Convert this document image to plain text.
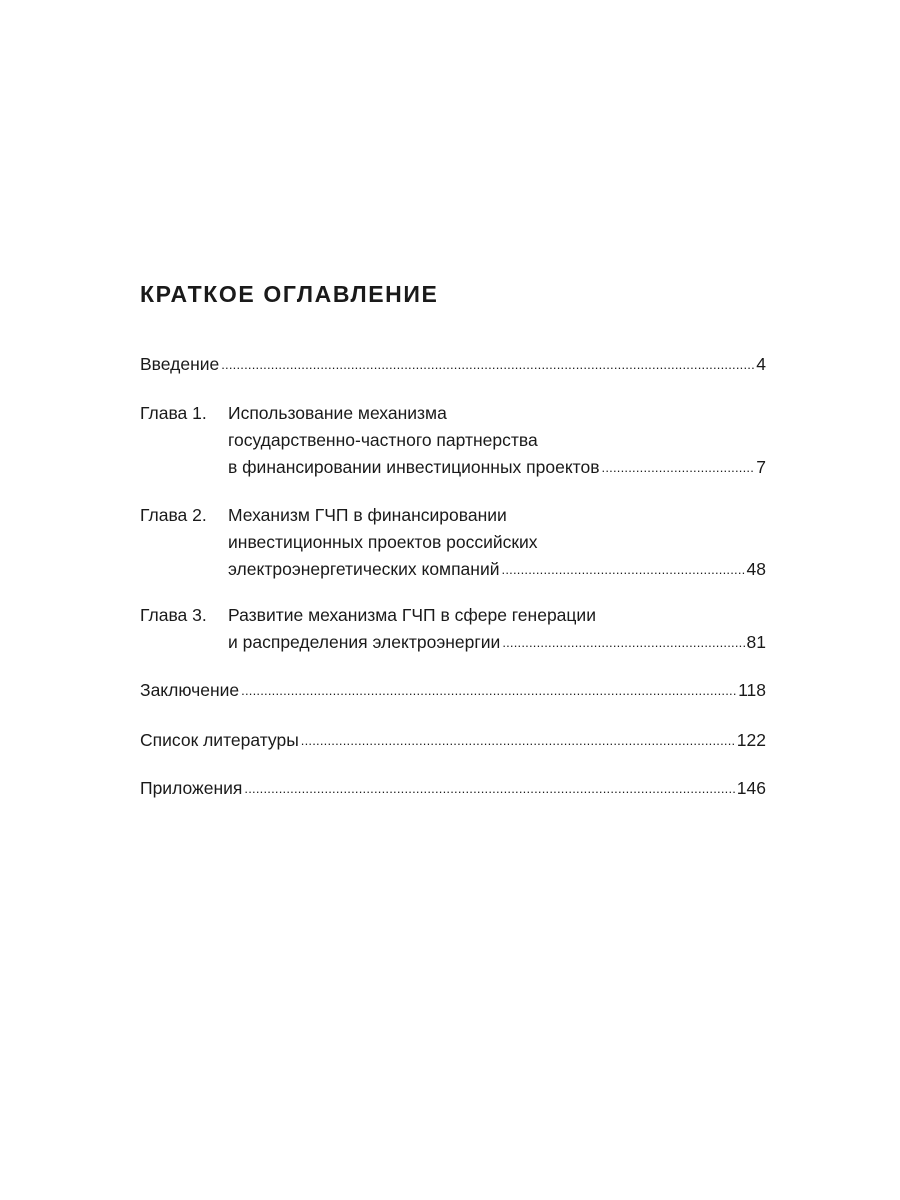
КРАТКОЕ ОГЛАВЛЕНИЕ
Введение .....	4
Глава 1.	Использование механизма
государственно-частного партнерства
в финансировании инвестиционных проектов .....	7
Глава 2.	Механизм ГЧП в финансировании
инвестиционных проектов российских
электроэнергетических компаний .....	48
Глава 3.	Развитие механизма ГЧП в сфере генерации
и распределения электроэнергии .....	81
Заключение .....	118
Список литературы .....	122
Приложения .....	146
